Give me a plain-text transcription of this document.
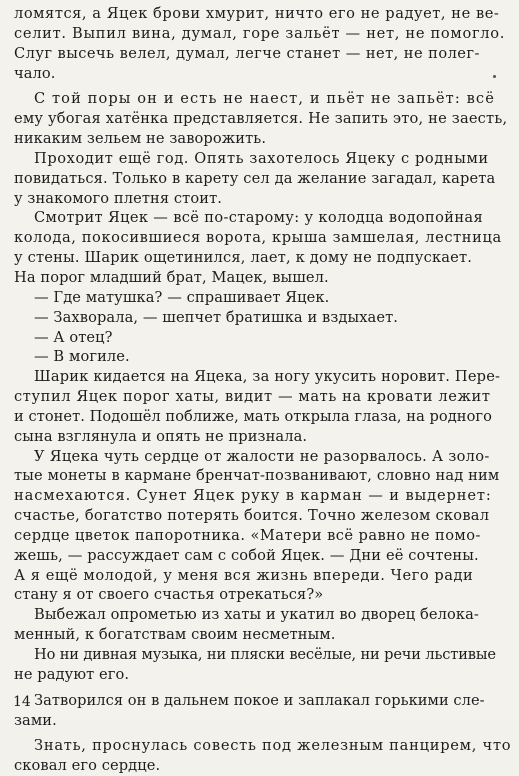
ломятся, а Яцек брови хмурит, ничто его не радует, не ве-
селит. Выпил вина, думал, горе зальёт — нет, не помогло.
Слуг высечь велел, думал, легче станет — нет, не полег-
чало.

С той поры он и есть не наест, и пьёт не запьёт: всё
ему убогая хатёнка представляется. Не запить это, не заесть,
никаким зельем не заворожить.

Проходит ещё год. Опять захотелось Яцеку с родными
повидаться. Только в карету сел да желание загадал, карета
у знакомого плетня стоит.

Смотрит Яцек — всё по-старому: у колодца водопойная
колода, покосившиеся ворота, крыша замшелая, лестница
у стены. Шарик ощетинился, лает, к дому не подпускает.
На порог младший брат, Мацек, вышел.

— Где матушка? — спрашивает Яцек.

— Захворала, — шепчет братишка и вздыхает.

— А отец?

— В могиле.

Шарик кидается на Яцека, за ногу укусить норовит. Пере-
ступил Яцек порог хаты, видит — мать на кровати лежит
и стонет. Подошёл поближе, мать открыла глаза, на родного
сына взглянула и опять не признала.

У Яцека чуть сердце от жалости не разорвалось. А золо-
тые монеты в кармане бренчат-позванивают, словно над ним
насмехаются. Сунет Яцек руку в карман — и выдернет:
счастье, богатство потерять боится. Точно железом сковал
сердце цветок папоротника. «Матери всё равно не помо-
жешь, — рассуждает сам с собой Яцек. — Дни её сочтены.
А я ещё молодой, у меня вся жизнь впереди. Чего ради
стану я от своего счастья отрекаться?»

Выбежал опрометью из хаты и укатил во дворец белока-
менный, к богатствам своим несметным.

Но ни дивная музыка, ни пляски весёлые, ни речи льстивые
не радуют его.

Затворился он в дальнем покое и заплакал горькими сле-
зами.

Знать, проснулась совесть под железным панцирем, что
сковал его сердце.

14
